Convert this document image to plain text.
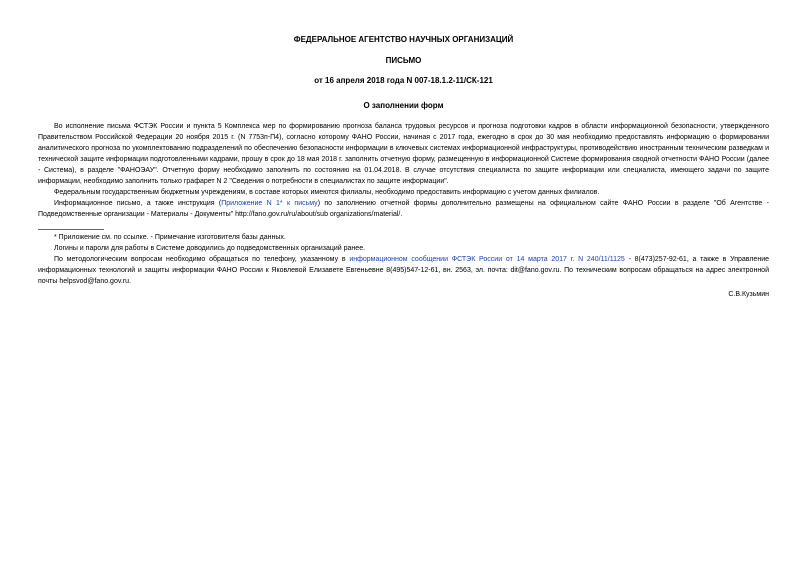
ФЕДЕРАЛЬНОЕ АГЕНТСТВО НАУЧНЫХ ОРГАНИЗАЦИЙ

ПИСЬМО

от 16 апреля 2018 года N 007-18.1.2-11/СК-121

О заполнении форм

Во исполнение письма ФСТЭК России и пункта 5 Комплекса мер по формированию прогноза баланса трудовых ресурсов и прогноза подготовки кадров в области информационной безопасности, утвержденного Правительством Российской Федерации 20 ноября 2015 г. (N 7753п-П4), согласно которому ФАНО России, начиная с 2017 года, ежегодно в срок до 30 мая необходимо предоставлять информацию о формировании аналитического прогноза по укомплектованию подразделений по обеспечению безопасности информации в ключевых системах информационной инфраструктуры, противодействию иностранным техническим разведкам и технической защите информации подготовленными кадрами, прошу в срок до 18 мая 2018 г. заполнить отчетную форму, размещенную в информационной Системе формирования сводной отчетности ФАНО России (далее - Система), в разделе "ФАНОЭАУ". Отчетную форму необходимо заполнить по состоянию на 01.04.2018. В случае отсутствия специалиста по защите информации или специалиста, имеющего задачи по защите информации, необходимо заполнить только графарет N 2 "Сведения о потребности в специалистах по защите информации".

Федеральным государственным бюджетным учреждениям, в составе которых имеются филиалы, необходимо предоставить информацию с учетом данных филиалов.

Информационное письмо, а также инструкция (Приложение N 1* к письму) по заполнению отчетной формы дополнительно размещены на официальном сайте ФАНО России в разделе "Об Агентстве - Подведомственные организации - Материалы - Документы" http://fano.gov.ru/ru/about/sub organizations/material/.

* Приложение см. по ссылке. - Примечание изготовителя базы данных.

Логины и пароли для работы в Системе доводились до подведомственных организаций ранее.

По методологическим вопросам необходимо обращаться по телефону, указанному в информационном сообщении ФСТЭК России от 14 марта 2017 г. N 240/11/1125 - 8(473)257-92-61, а также в Управление информационных технологий и защиты информации ФАНО России к Яковлевой Елизавете Евгеньевне 8(495)547-12-61, вн. 2563, эл. почта: dit@fano.gov.ru. По техническим вопросам обращаться на адрес электронной почты helpsvod@fano.gov.ru.

С.В.Кузьмин
